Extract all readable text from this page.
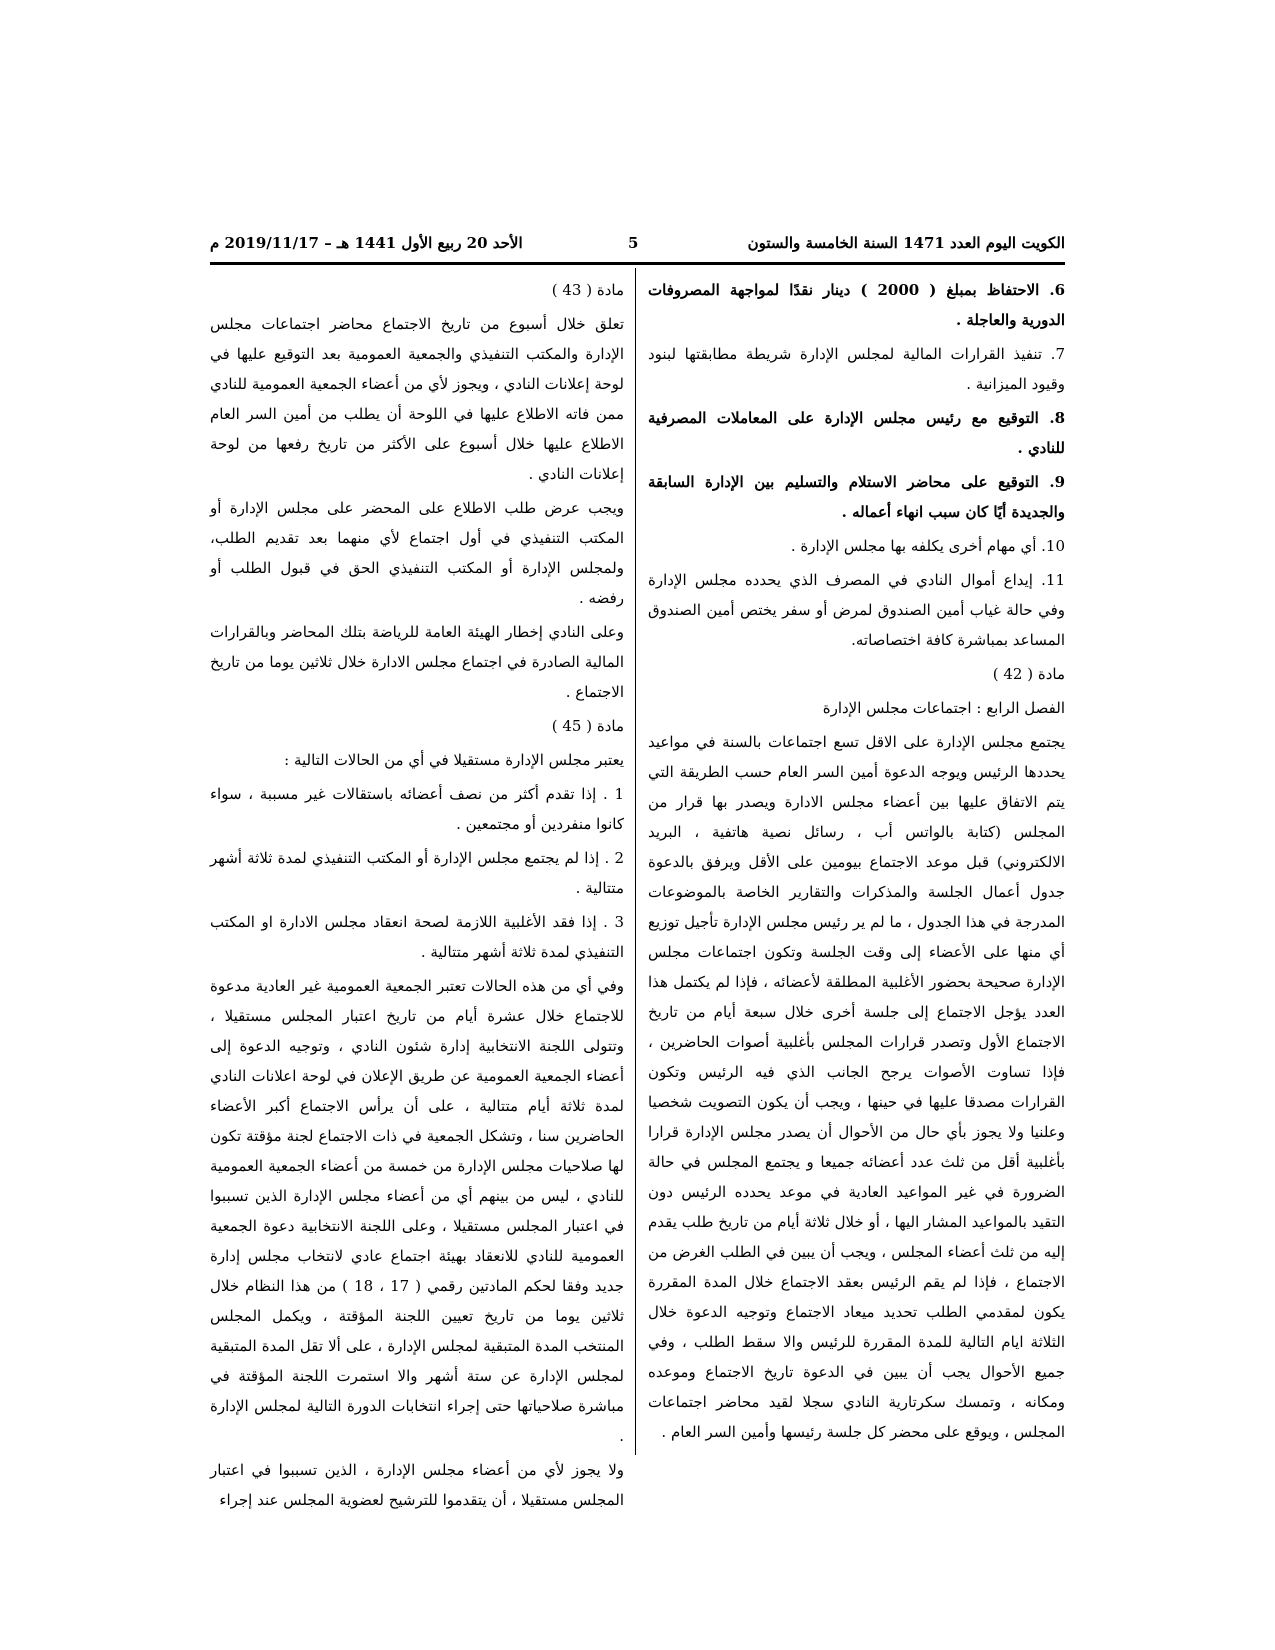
الكويت اليوم العدد 1471 السنة الخامسة والستون
5
الأحد 20 ربيع الأول 1441 هـ – 2019/11/17 م

6. الاحتفاظ بمبلغ ( 2000 ) دينار نقدًا لمواجهة المصروفات الدورية والعاجلة .

7. تنفيذ القرارات المالية لمجلس الإدارة شريطة مطابقتها لبنود وقيود الميزانية .

8. التوقيع مع رئيس مجلس الإدارة على المعاملات المصرفية للنادي .

9. التوقيع على محاضر الاستلام والتسليم بين الإدارة السابقة والجديدة أيًا كان سبب انهاء أعماله .

10. أي مهام أخرى يكلفه بها مجلس الإدارة .

11. إيداع أموال النادي في المصرف الذي يحدده مجلس الإدارة وفي حالة غياب أمين الصندوق لمرض أو سفر يختص أمين الصندوق المساعد بمباشرة كافة اختصاصاته.

مادة ( 42 )

الفصل الرابع : اجتماعات مجلس الإدارة

يجتمع مجلس الإدارة على الاقل تسع اجتماعات بالسنة في مواعيد يحددها الرئيس ويوجه الدعوة أمين السر العام حسب الطريقة التي يتم الاتفاق عليها بين أعضاء مجلس الادارة ويصدر بها قرار من المجلس (كتابة بالواتس أب ، رسائل نصية هاتفية ، البريد الالكتروني) قبل موعد الاجتماع بيومين على الأقل ويرفق بالدعوة جدول أعمال الجلسة والمذكرات والتقارير الخاصة بالموضوعات المدرجة في هذا الجدول ، ما لم ير رئيس مجلس الإدارة تأجيل توزيع أي منها على الأعضاء إلى وقت الجلسة وتكون اجتماعات مجلس الإدارة صحيحة بحضور الأغلبية المطلقة لأعضائه ، فإذا لم يكتمل هذا العدد يؤجل الاجتماع إلى جلسة أخرى خلال سبعة أيام من تاريخ الاجتماع الأول وتصدر قرارات المجلس بأغلبية أصوات الحاضرين ، فإذا تساوت الأصوات يرجح الجانب الذي فيه الرئيس وتكون القرارات مصدقا عليها في حينها ، ويجب أن يكون التصويت شخصيا وعلنيا ولا يجوز بأي حال من الأحوال أن يصدر مجلس الإدارة قرارا بأغلبية أقل من ثلث عدد أعضائه جميعا و يجتمع المجلس في حالة الضرورة في غير المواعيد العادية في موعد يحدده الرئيس دون التقيد بالمواعيد المشار اليها ، أو خلال ثلاثة أيام من تاريخ طلب يقدم إليه من ثلث أعضاء المجلس ، ويجب أن يبين في الطلب الغرض من الاجتماع ، فإذا لم يقم الرئيس بعقد الاجتماع خلال المدة المقررة يكون لمقدمي الطلب تحديد ميعاد الاجتماع وتوجيه الدعوة خلال الثلاثة ايام التالية للمدة المقررة للرئيس والا سقط الطلب ، وفي جميع الأحوال يجب أن يبين في الدعوة تاريخ الاجتماع وموعده ومكانه ، وتمسك سكرتارية النادي سجلا لقيد محاضر اجتماعات المجلس ، ويوقع على محضر كل جلسة رئيسها وأمين السر العام .

مادة ( 43 )

تعلق خلال أسبوع من تاريخ الاجتماع محاضر اجتماعات مجلس الإدارة والمكتب التنفيذي والجمعية العمومية بعد التوقيع عليها في لوحة إعلانات النادي ، ويجوز لأي من أعضاء الجمعية العمومية للنادي ممن فاته الاطلاع عليها في اللوحة أن يطلب من أمين السر العام الاطلاع عليها خلال أسبوع على الأكثر من تاريخ رفعها من لوحة إعلانات النادي .

ويجب عرض طلب الاطلاع على المحضر على مجلس الإدارة أو المكتب التنفيذي في أول اجتماع لأي منهما بعد تقديم الطلب، ولمجلس الإدارة أو المكتب التنفيذي الحق في قبول الطلب أو رفضه .

وعلى النادي إخطار الهيئة العامة للرياضة بتلك المحاضر وبالقرارات المالية الصادرة في اجتماع مجلس الادارة خلال ثلاثين يوما من تاريخ الاجتماع .

مادة ( 45 )

يعتبر مجلس الإدارة مستقيلا في أي من الحالات التالية :

1 . إذا تقدم أكثر من نصف أعضائه باستقالات غير مسببة ، سواء كانوا منفردين أو مجتمعين .

2 . إذا لم يجتمع مجلس الإدارة أو المكتب التنفيذي لمدة ثلاثة أشهر متتالية .

3 . إذا فقد الأغلبية اللازمة لصحة انعقاد مجلس الادارة او المكتب التنفيذي لمدة ثلاثة أشهر متتالية .

وفي أي من هذه الحالات تعتبر الجمعية العمومية غير العادية مدعوة للاجتماع خلال عشرة أيام من تاريخ اعتبار المجلس مستقيلا ، وتتولى اللجنة الانتخابية إدارة شئون النادي ، وتوجيه الدعوة إلى أعضاء الجمعية العمومية عن طريق الإعلان في لوحة اعلانات النادي لمدة ثلاثة أيام متتالية ، على أن يرأس الاجتماع أكبر الأعضاء الحاضرين سنا ، وتشكل الجمعية في ذات الاجتماع لجنة مؤقتة تكون لها صلاحيات مجلس الإدارة من خمسة من أعضاء الجمعية العمومية للنادي ، ليس من بينهم أي من أعضاء مجلس الإدارة الذين تسببوا في اعتبار المجلس مستقيلا ، وعلى اللجنة الانتخابية دعوة الجمعية العمومية للنادي للانعقاد بهيئة اجتماع عادي لانتخاب مجلس إدارة جديد وفقا لحكم المادتين رقمي ( 17 ، 18 ) من هذا النظام خلال ثلاثين يوما من تاريخ تعيين اللجنة المؤقتة ، ويكمل المجلس المنتخب المدة المتبقية لمجلس الإدارة ، على ألا تقل المدة المتبقية لمجلس الإدارة عن ستة أشهر والا استمرت اللجنة المؤقتة في مباشرة صلاحياتها حتى إجراء انتخابات الدورة التالية لمجلس الإدارة .

ولا يجوز لأي من أعضاء مجلس الإدارة ، الذين تسببوا في اعتبار المجلس مستقيلا ، أن يتقدموا للترشيح لعضوية المجلس عند إجراء
